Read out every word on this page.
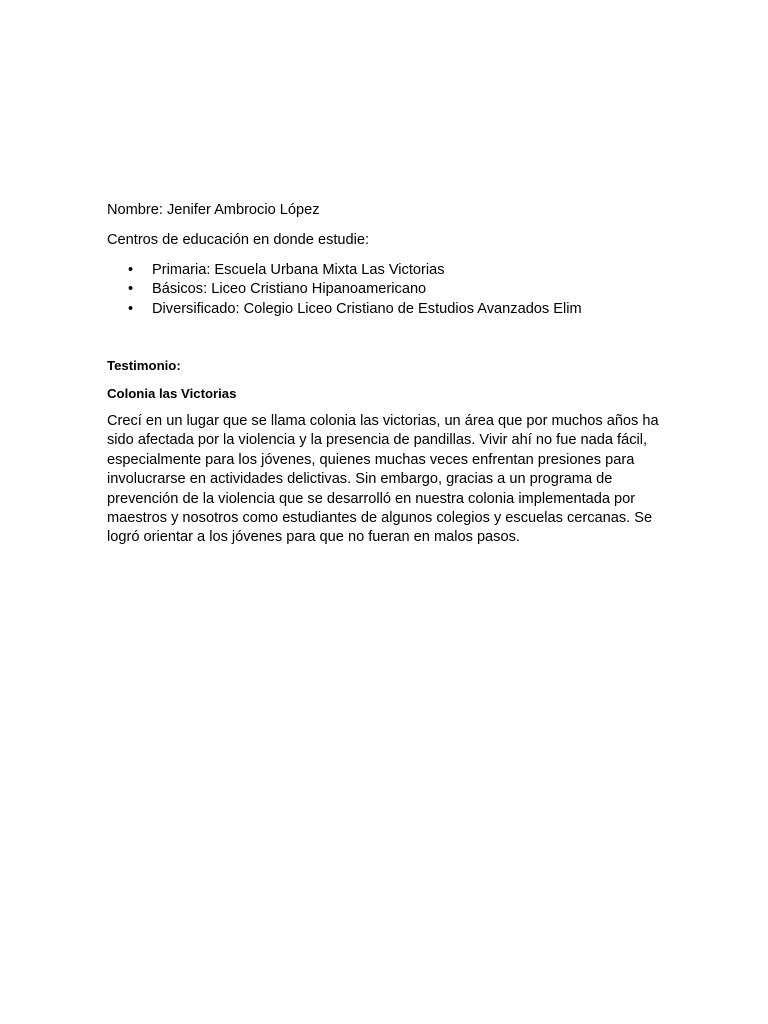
Nombre: Jenifer Ambrocio López

Centros de educación en donde estudie:

• Primaria: Escuela Urbana Mixta Las Victorias
• Básicos: Liceo Cristiano Hipanoamericano
• Diversificado: Colegio Liceo Cristiano de Estudios Avanzados Elim

Testimonio:

Colonia las Victorias

Crecí en un lugar que se llama colonia las victorias, un área que por muchos años ha sido afectada por la violencia y la presencia de pandillas. Vivir ahí no fue nada fácil, especialmente para los jóvenes, quienes muchas veces enfrentan presiones para involucrarse en actividades delictivas. Sin embargo, gracias a un programa de prevención de la violencia que se desarrolló en nuestra colonia implementada por maestros y nosotros como estudiantes de algunos colegios y escuelas cercanas. Se logró orientar a los jóvenes para que no fueran en malos pasos.
